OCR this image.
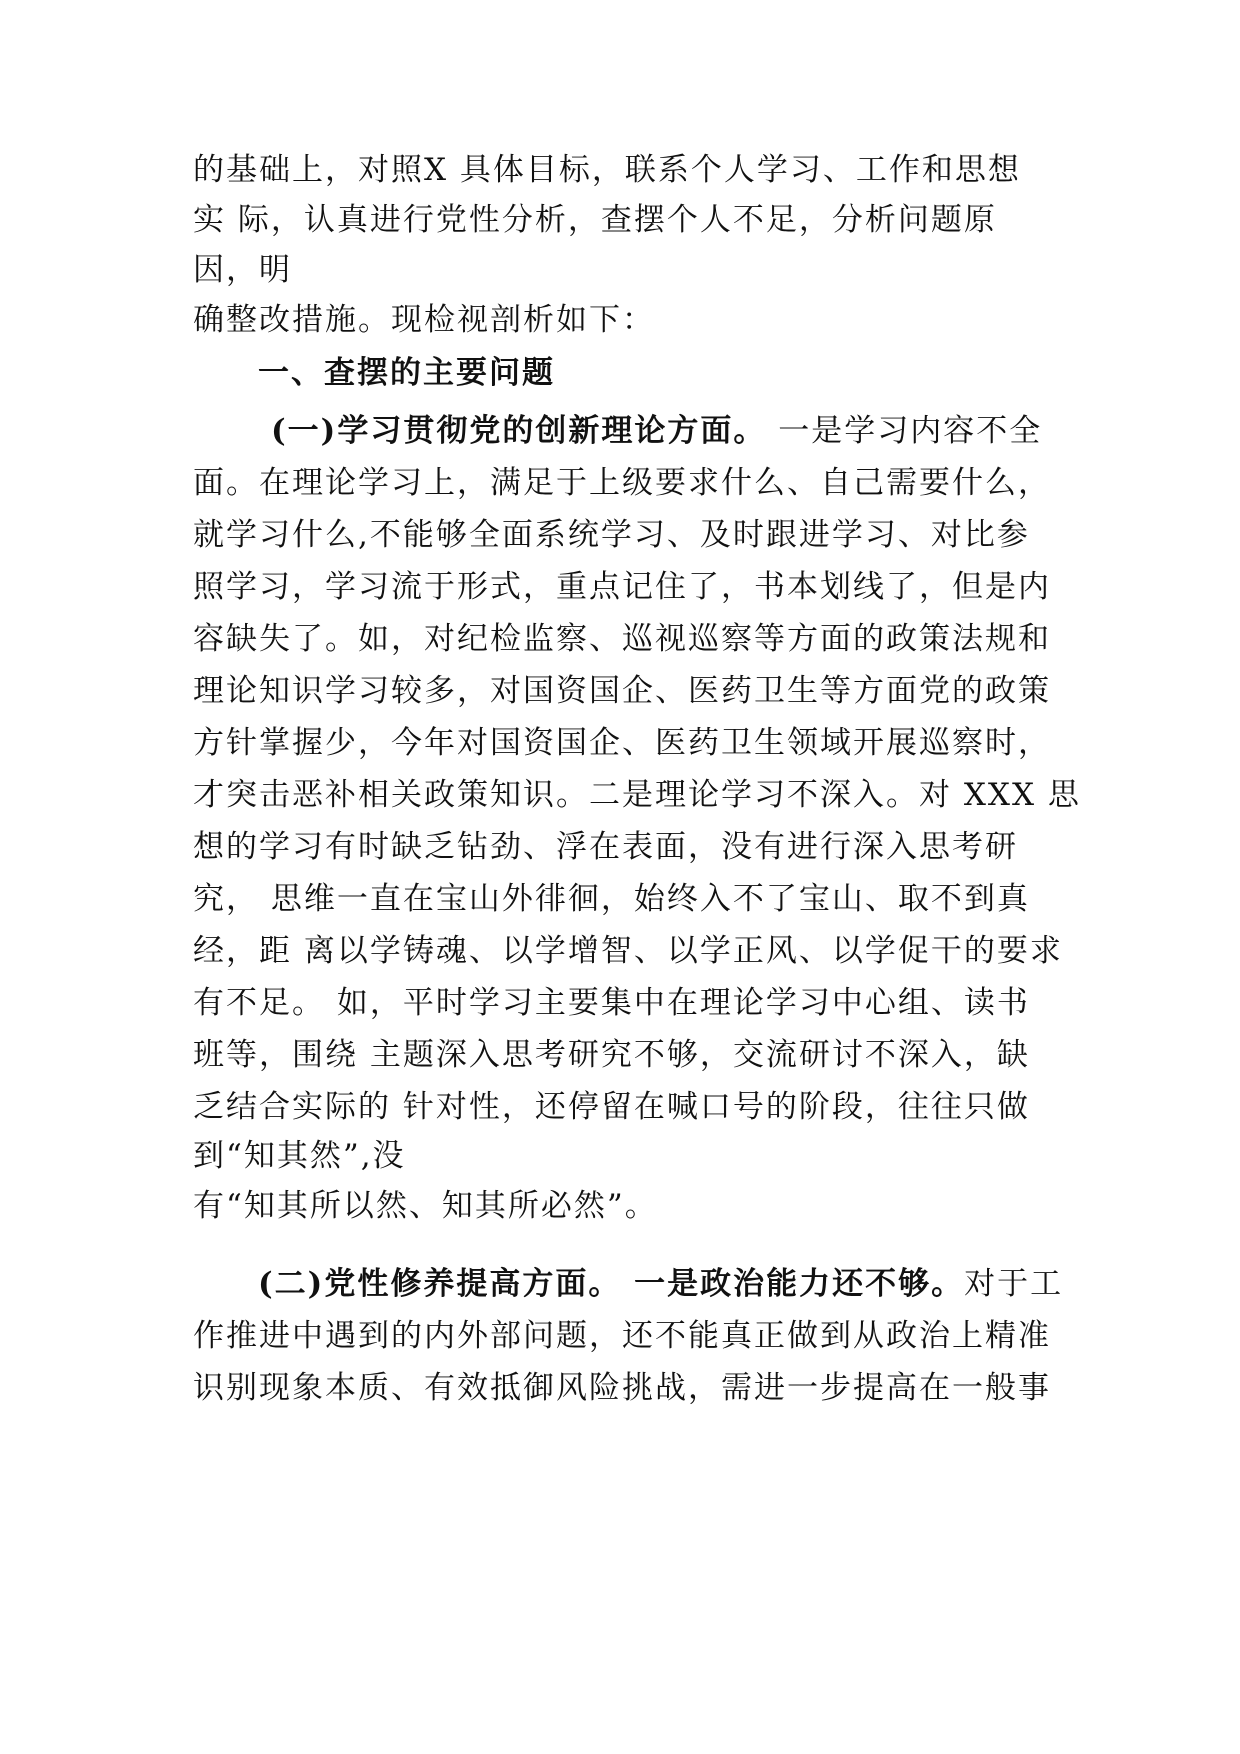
的基础上，对照X 具体目标，联系个人学习、工作和思想

实 际，认真进行党性分析，查摆个人不足，分析问题原

因，明

确整改措施。现检视剖析如下：

一、查摆的主要问题

(一)学习贯彻党的创新理论方面。 一是学习内容不全

面。在理论学习上，满足于上级要求什么、自己需要什么，

就学习什么,不能够全面系统学习、及时跟进学习、对比参

照学习，学习流于形式，重点记住了，书本划线了，但是内

容缺失了。如，对纪检监察、巡视巡察等方面的政策法规和

理论知识学习较多，对国资国企、医药卫生等方面党的政策

方针掌握少，今年对国资国企、医药卫生领域开展巡察时，

才突击恶补相关政策知识。二是理论学习不深入。对 XXX 思

想的学习有时缺乏钻劲、浮在表面，没有进行深入思考研

究， 思维一直在宝山外徘徊，始终入不了宝山、取不到真

经，距 离以学铸魂、以学增智、以学正风、以学促干的要求

有不足。 如，平时学习主要集中在理论学习中心组、读书

班等，围绕 主题深入思考研究不够，交流研讨不深入，缺

乏结合实际的 针对性，还停留在喊口号的阶段，往往只做

到“知其然”,没

有“知其所以然、知其所必然”。

(二)党性修养提高方面。 一是政治能力还不够。对于工

作推进中遇到的内外部问题，还不能真正做到从政治上精准

识别现象本质、有效抵御风险挑战，需进一步提高在一般事
